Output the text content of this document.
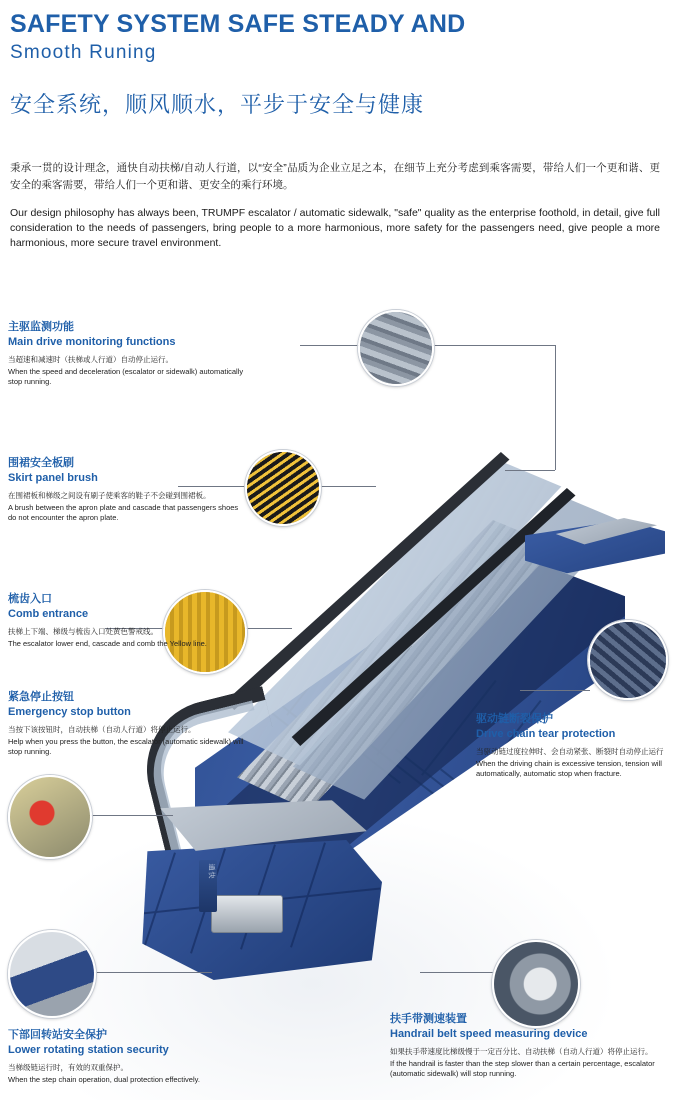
SAFETY SYSTEM SAFE STEADY AND
Smooth Runing
安全系统，顺风顺水，平步于安全与健康
秉承一贯的设计理念，通快自动扶梯/自动人行道，以“安全”品质为企业立足之本，在细节上充分考虑到乘客需要，带给人们一个更和谐、更安全的乘客需要，带给人们一个更和谐、更安全的乘行环境。
Our design philosophy has always been, TRUMPF escalator / automatic sidewalk, "safe" quality as the enterprise foothold, in detail, give full consideration to the needs of passengers, bring people to a more harmonious, more safety for the passengers need, give people a more harmonious, more secure travel environment.
通快
主驱监测功能
Main drive monitoring functions
当超速和减速时（扶梯或人行道）自动停止运行。
When the speed and deceleration (escalator or sidewalk) automatically stop running.
围裙安全板刷
Skirt panel brush
在围裙板和梯级之间设有刷子使乘客的鞋子不会碰到围裙板。
A brush between the apron plate and cascade that passengers shoes do not encounter the apron plate.
梳齿入口
Comb entrance
扶梯上下端、梯级与梳齿入口处黄色警戒线。
The escalator lower end, cascade and comb the Yellow line.
紧急停止按钮
Emergency stop button
当按下该按钮时，自动扶梯（自动人行道）将停止运行。
Help when you press the button, the escalator (automatic sidewalk) will stop running.
驱动链断裂保护
Drive chain tear protection
当驱动链过度拉伸时、会自动紧张、断裂时自动停止运行
When the driving chain is excessive tension, tension will automatically, automatic stop when fracture.
下部回转站安全保护
Lower rotating station security
当梯级链运行时，有效的双重保护。
When the step chain operation, dual protection effectively.
扶手带测速装置
Handrail belt speed measuring device
如果扶手带速度比梯级慢于一定百分比、自动扶梯（自动人行道）将停止运行。
If the handrail is faster than the step slower than a certain percentage, escalator (automatic sidewalk) will stop running.
